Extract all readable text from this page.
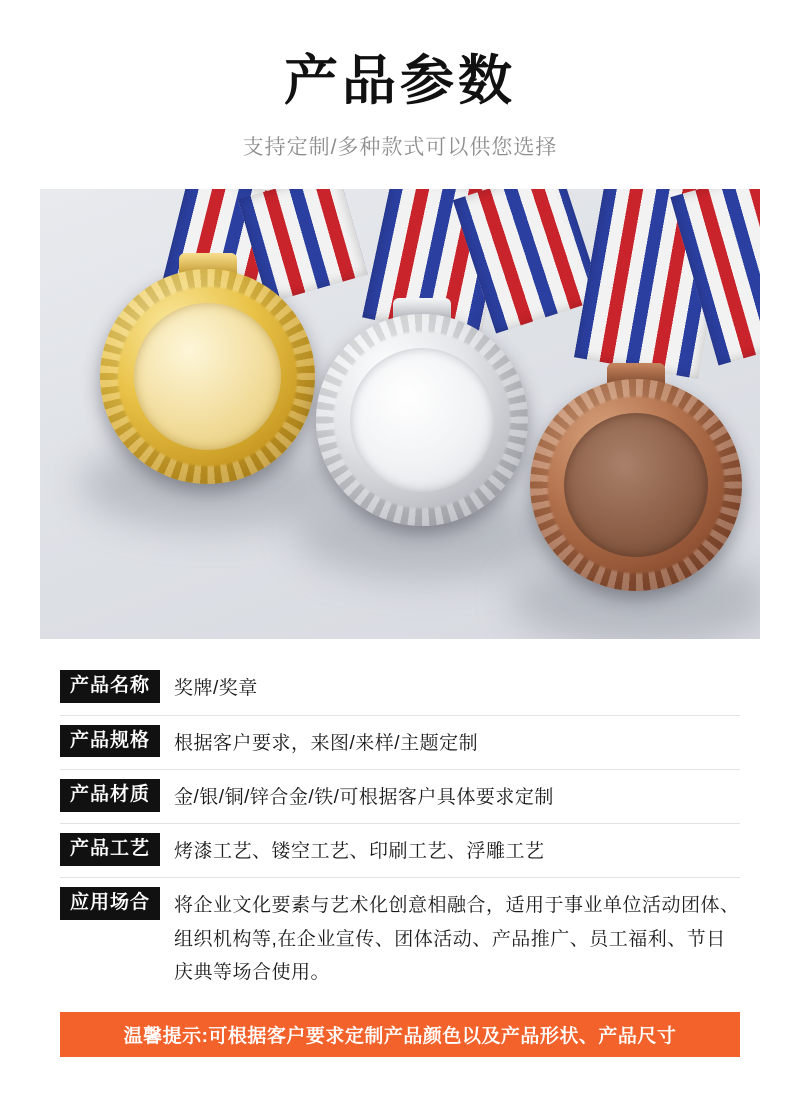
产品参数
支持定制/多种款式可以供您选择
产品名称	奖牌/奖章
产品规格	根据客户要求，来图/来样/主题定制
产品材质	金/银/铜/锌合金/铁/可根据客户具体要求定制
产品工艺	烤漆工艺、镂空工艺、印刷工艺、浮雕工艺
应用场合	将企业文化要素与艺术化创意相融合，适用于事业单位活动团体、组织机构等,在企业宣传、团体活动、产品推广、员工福利、节日庆典等场合使用。
温馨提示:可根据客户要求定制产品颜色以及产品形状、产品尺寸
